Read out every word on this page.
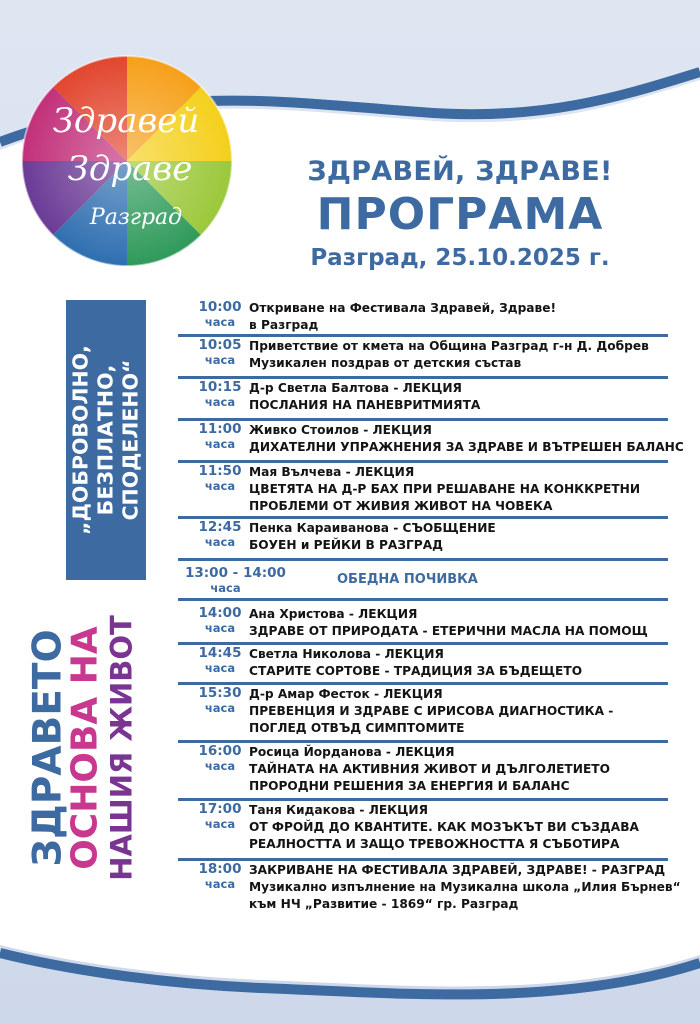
Здравей
Здраве
Разград
ЗДРАВЕЙ, ЗДРАВЕ!
ПРОГРАМА
Разград, 25.10.2025 г.
„ДОБРОВОЛНО, БЕЗПЛАТНО, СПОДЕЛЕНО“
ЗДРАВЕТО
ОСНОВА НА НАШИЯ ЖИВОТ
10:00
часа
Откриване на Фестивала Здравей, Здраве!
в Разград
10:05
часа
Приветствие от кмета на Община Разград г-н Д. Добрев
Музикален поздрав от детския състав
10:15
часа
Д-р Светла Балтова - ЛЕКЦИЯ
ПОСЛАНИЯ НА ПАНЕВРИТМИЯТА
11:00
часа
Живко Стоилов - ЛЕКЦИЯ
ДИХАТЕЛНИ УПРАЖНЕНИЯ ЗА ЗДРАВЕ И ВЪТРЕШЕН БАЛАНС
11:50
часа
Мая Вълчева - ЛЕКЦИЯ
ЦВЕТЯТА НА Д-Р БАХ ПРИ РЕШАВАНЕ НА КОНККРЕТНИ
ПРОБЛЕМИ ОТ ЖИВИЯ ЖИВОТ НА ЧОВЕКА
12:45
часа
Пенка Караиванова - СЪОБЩЕНИЕ
БОУЕН и РЕЙКИ В РАЗГРАД
14:00
часа
Ана Христова - ЛЕКЦИЯ
ЗДРАВЕ ОТ ПРИРОДАТА - ЕТЕРИЧНИ МАСЛА НА ПОМОЩ
14:45
часа
Светла Николова - ЛЕКЦИЯ
СТАРИТЕ СОРТОВЕ - ТРАДИЦИЯ ЗА БЪДЕЩЕТО
15:30
часа
Д-р Амар Фесток - ЛЕКЦИЯ
ПРЕВЕНЦИЯ И ЗДРАВЕ С ИРИСОВА ДИАГНОСТИКА -
ПОГЛЕД ОТВЪД СИМПТОМИТЕ
16:00
часа
Росица Йорданова - ЛЕКЦИЯ
ТАЙНАТА НА АКТИВНИЯ ЖИВОТ И ДЪЛГОЛЕТИЕТО
ПРОРОДНИ РЕШЕНИЯ ЗА ЕНЕРГИЯ И БАЛАНС
17:00
часа
Таня Кидакова - ЛЕКЦИЯ
ОТ ФРОЙД ДО КВАНТИТЕ. КАК МОЗЪКЪТ ВИ СЪЗДАВА
РЕАЛНОСТТА И ЗАЩО ТРЕВОЖНОСТТА Я СЪБОТИРА
18:00
часа
ЗАКРИВАНЕ НА ФЕСТИВАЛА ЗДРАВЕЙ, ЗДРАВЕ! - РАЗГРАД
Музикално изпълнение на Музикална школа „Илия Бърнев“
към НЧ „Развитие - 1869“ гр. Разград
13:00 - 14:00
часа
ОБЕДНА ПОЧИВКА
